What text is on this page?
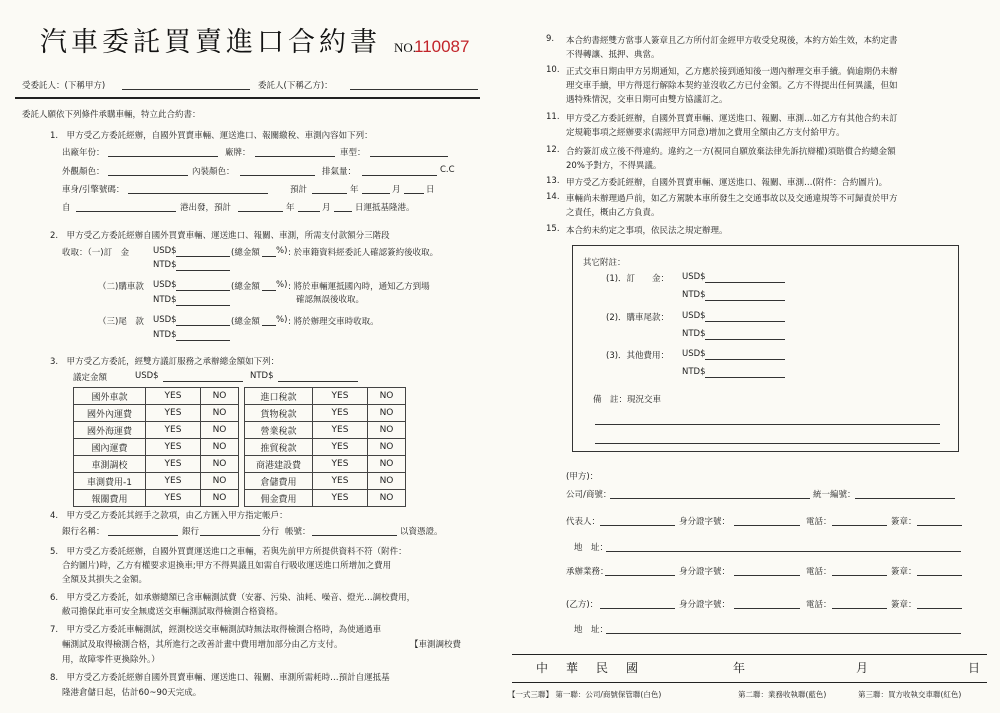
汽車委託買賣進口合約書 NO.
110087
受委託人：(下稱甲方)	委託人(下稱乙方)：
委託人願依下列條件承購車輛，特立此合約書：
1.　甲方受乙方委託經辦，自國外買賣車輛、運送進口、報關繳稅、車測內容如下列：
出廠年份：	廠牌：	車型：
外觀顏色：	內裝顏色：	排氣量：	C.C
車身/引擎號碼：	預計	年	月	日
自	港出發，預計	年	月	日運抵基隆港。
2.　甲方受乙方委託經辦自國外買賣車輛、運送進口、報關、車測，所需支付款額分三階段
收取：（一)訂　金	USD$	(總金額 %) : 於車籍資料經委託人確認簽約後收取。
NTD$
（二)購車款 USD$	(總金額 %) : 將於車輛運抵國內時，通知乙方到場
確認無誤後收取。
NTD$
（三)尾　款 USD$	(總金額 %) : 將於辦理交車時收取。
NTD$
3.　甲方受乙方委託，經雙方議訂服務之承辦總金額如下列：
議定金額	USD$	NTD$
國外車款	YES	NO		進口稅款	YES	NO
國外內運費	YES	NO		貨物稅款	YES	NO
國外海運費	YES	NO		營業稅款	YES	NO
國內運費	YES	NO		推貿稅款	YES	NO
車測調校	YES	NO		商港建設費	YES	NO
車測費用-1	YES	NO		倉儲費用	YES	NO
報關費用	YES	NO		佣金費用	YES	NO
4.　甲方受乙方委託其經手之款項，由乙方匯入甲方指定帳戶：
銀行名稱：	銀行	分行 帳號：	以資憑證。
5.　甲方受乙方委託經辦，自國外買賣運送進口之車輛，若與先前甲方所提供資料不符（附件：
合約圖片)時，乙方有權要求退換車;甲方不得異議且如需自行吸收運送進口所增加之費用
全額及其損失之金額。
6.　甲方受乙方委託，如承辦總額已含車輛測試費（安審、污染、油耗、噪音、燈光…調校費用，
敝司擔保此車可安全無虞送交車輛測試取得檢測合格資格。
7.　甲方受乙方委託車輛測試，經測校送交車輛測試時無法取得檢測合格時，為使通過車
輛測試及取得檢測合格，其所進行之改善計畫中費用增加部分由乙方支付。	【車測調校費
用，故障零件更換除外。）
8.　甲方受乙方委託經辦自國外買賣車輛、運送進口、報關、車測所需耗時…預計自運抵基
隆港倉儲日起，估計60~90天完成。
9. 本合約書經雙方當事人簽章且乙方所付訂金經甲方收受兌現後，本約方始生效，本約定書
不得轉讓、抵押、典當。
10. 正式交車日期由甲方另期通知，乙方應於接到通知後一週內辦理交車手續。倘逾期仍未辦
理交車手續，甲方得逕行解除本契約並沒收乙方已付金額。乙方不得提出任何異議，但如
遇特殊情況，交車日期可由雙方協議訂之。
11. 甲方受乙方委託經辦，自國外買賣車輛、運送進口、報關、車測…如乙方有其他合約未訂
定規範事項之經辦要求(需經甲方同意)增加之費用全額由乙方支付給甲方。
12. 合約簽訂成立後不得違約。違約之一方(視同自願放棄法律先訴抗辯權)須賠償合約總金額
20%予對方，不得異議。
13. 甲方受乙方委託經辦，自國外買賣車輛、運送進口、報關、車測…(附件：合約圖片)。
14. 車輛尚未辦理過戶前，如乙方駕駛本車所發生之交通事故以及交通違規等不可歸責於甲方
之責任，概由乙方負責。
15. 本合約未約定之事項，依民法之規定辦理。
其它附註：
(1)．訂　　金： USD$
NTD$
(2)．購車尾款： USD$
NTD$
(3)．其他費用： USD$
NTD$
備　註：現況交車
(甲方)：
公司/商號：	統一編號：
代表人：	身分證字號：	電話：	簽章：
地　址：
承辦業務：	身分證字號：	電話：	簽章：
(乙方)：	身分證字號：	電話：	簽章：
地　址：
中　華　民　國	年	月	日
【一式三聯】 第一聯：公司/商號保管聯(白色)	第二聯：業務收執聯(藍色)	第三聯：買方收執交車聯(紅色)
